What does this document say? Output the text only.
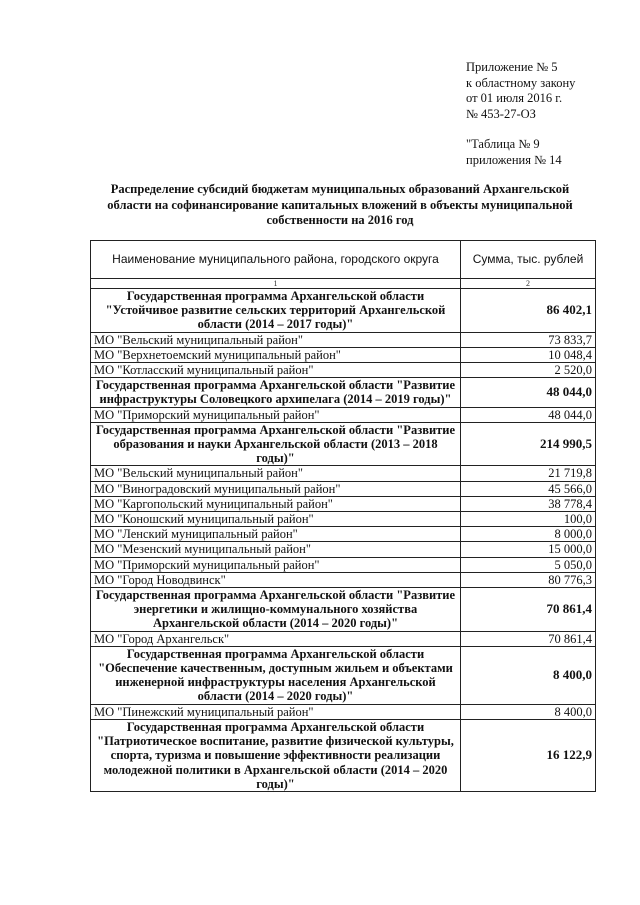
Приложение № 5
к областному закону
от 01 июля 2016 г.
№ 453-27-ОЗ
"Таблица № 9
приложения № 14
Распределение субсидий бюджетам муниципальных образований Архангельской области на софинансирование капитальных вложений в объекты муниципальной собственности на 2016 год
Наименование муниципального района, городского округа	Сумма, тыс. рублей
1	2
Государственная программа Архангельской области "Устойчивое развитие сельских территорий Архангельской области (2014 – 2017 годы)"	86 402,1
МО "Вельский муниципальный район"	73 833,7
МО "Верхнетоемский муниципальный район"	10 048,4
МО "Котласский муниципальный район"	2 520,0
Государственная программа Архангельской области "Развитие инфраструктуры Соловецкого архипелага (2014 – 2019 годы)"	48 044,0
МО "Приморский муниципальный район"	48 044,0
Государственная программа Архангельской области "Развитие образования и науки Архангельской области (2013 – 2018 годы)"	214 990,5
МО "Вельский муниципальный район"	21 719,8
МО "Виноградовский муниципальный район"	45 566,0
МО "Каргопольский муниципальный район"	38 778,4
МО "Коношский муниципальный район"	100,0
МО "Ленский муниципальный район"	8 000,0
МО "Мезенский муниципальный район"	15 000,0
МО "Приморский муниципальный район"	5 050,0
МО "Город Новодвинск"	80 776,3
Государственная программа Архангельской области "Развитие энергетики и жилищно-коммунального хозяйства Архангельской области (2014 – 2020 годы)"	70 861,4
МО "Город Архангельск"	70 861,4
Государственная программа Архангельской области "Обеспечение качественным, доступным жильем и объектами инженерной инфраструктуры населения Архангельской области (2014 – 2020 годы)"	8 400,0
МО "Пинежский муниципальный район"	8 400,0
Государственная программа Архангельской области "Патриотическое воспитание, развитие физической культуры, спорта, туризма и повышение эффективности реализации молодежной политики в Архангельской области (2014 – 2020 годы)"	16 122,9
